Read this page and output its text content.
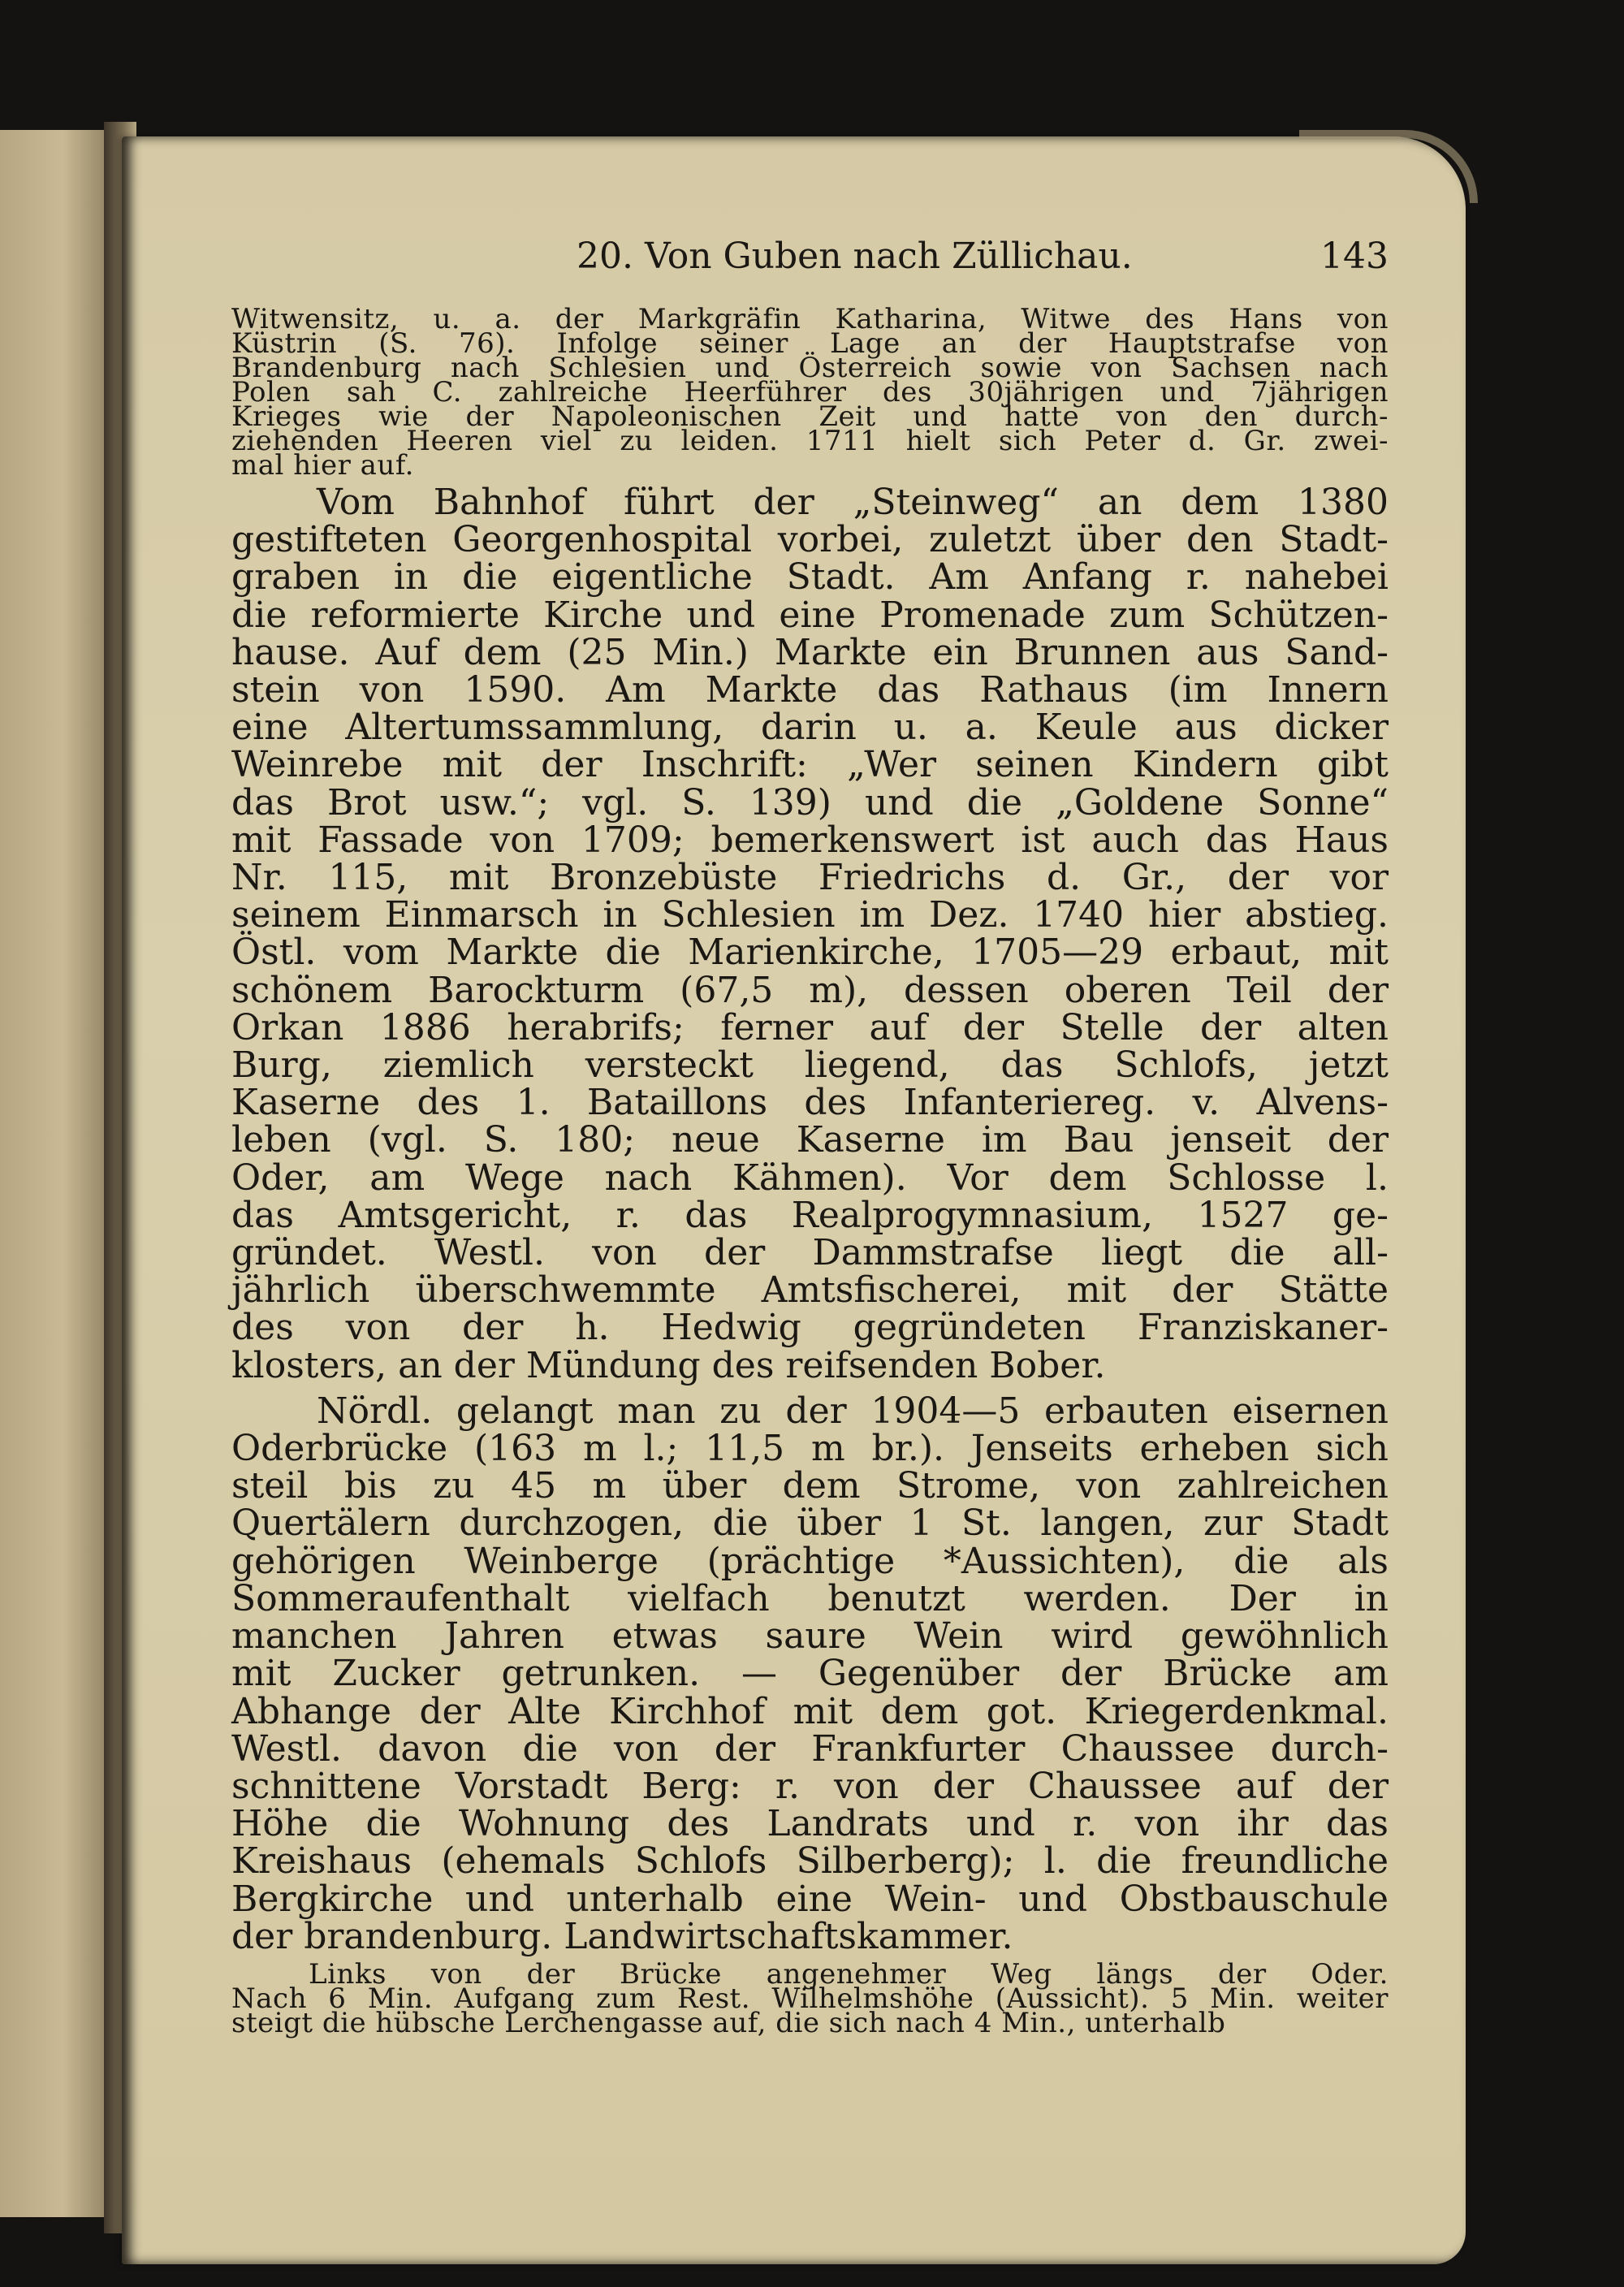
20. Von Guben nach Züllichau.	143
Witwensitz, u. a. der Markgräfin Katharina, Witwe des Hans von
Küstrin (S. 76). Infolge seiner Lage an der Hauptstrafse von
Brandenburg nach Schlesien und Österreich sowie von Sachsen nach
Polen sah C. zahlreiche Heerführer des 30jährigen und 7jährigen
Krieges wie der Napoleonischen Zeit und hatte von den durch-
ziehenden Heeren viel zu leiden. 1711 hielt sich Peter d. Gr. zwei-
mal hier auf.
Vom Bahnhof führt der „Steinweg“ an dem 1380
gestifteten Georgenhospital vorbei, zuletzt über den Stadt-
graben in die eigentliche Stadt. Am Anfang r. nahebei
die reformierte Kirche und eine Promenade zum Schützen-
hause. Auf dem (25 Min.) Markte ein Brunnen aus Sand-
stein von 1590. Am Markte das Rathaus (im Innern
eine Altertumssammlung, darin u. a. Keule aus dicker
Weinrebe mit der Inschrift: „Wer seinen Kindern gibt
das Brot usw.“; vgl. S. 139) und die „Goldene Sonne“
mit Fassade von 1709; bemerkenswert ist auch das Haus
Nr. 115, mit Bronzebüste Friedrichs d. Gr., der vor
seinem Einmarsch in Schlesien im Dez. 1740 hier abstieg.
Östl. vom Markte die Marienkirche, 1705—29 erbaut, mit
schönem Barockturm (67,5 m), dessen oberen Teil der
Orkan 1886 herabrifs; ferner auf der Stelle der alten
Burg, ziemlich versteckt liegend, das Schlofs, jetzt
Kaserne des 1. Bataillons des Infanteriereg. v. Alvens-
leben (vgl. S. 180; neue Kaserne im Bau jenseit der
Oder, am Wege nach Kähmen). Vor dem Schlosse l.
das Amtsgericht, r. das Realprogymnasium, 1527 ge-
gründet. Westl. von der Dammstrafse liegt die all-
jährlich überschwemmte Amtsfischerei, mit der Stätte
des von der h. Hedwig gegründeten Franziskaner-
klosters, an der Mündung des reifsenden Bober.
Nördl. gelangt man zu der 1904—5 erbauten eisernen
Oderbrücke (163 m l.; 11,5 m br.). Jenseits erheben sich
steil bis zu 45 m über dem Strome, von zahlreichen
Quertälern durchzogen, die über 1 St. langen, zur Stadt
gehörigen Weinberge (prächtige *Aussichten), die als
Sommeraufenthalt vielfach benutzt werden. Der in
manchen Jahren etwas saure Wein wird gewöhnlich
mit Zucker getrunken. — Gegenüber der Brücke am
Abhange der Alte Kirchhof mit dem got. Kriegerdenkmal.
Westl. davon die von der Frankfurter Chaussee durch-
schnittene Vorstadt Berg: r. von der Chaussee auf der
Höhe die Wohnung des Landrats und r. von ihr das
Kreishaus (ehemals Schlofs Silberberg); l. die freundliche
Bergkirche und unterhalb eine Wein- und Obstbauschule
der brandenburg. Landwirtschaftskammer.
Links von der Brücke angenehmer Weg längs der Oder.
Nach 6 Min. Aufgang zum Rest. Wilhelmshöhe (Aussicht). 5 Min. weiter
steigt die hübsche Lerchengasse auf, die sich nach 4 Min., unterhalb
